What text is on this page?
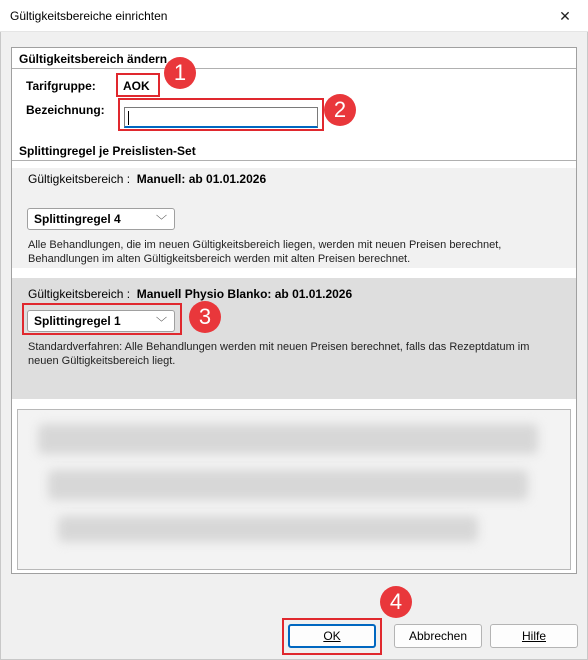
Gültigkeitsbereiche einrichten	✕
Gültigkeitsbereich ändern
Tarifgruppe: AOK
Bezeichnung:
Splittingregel je Preislisten-Set
Gültigkeitsbereich : Manuell: ab 01.01.2026
Splittingregel 4	﹀
Alle Behandlungen, die im neuen Gültigkeitsbereich liegen, werden mit neuen Preisen berechnet, Behandlungen im alten Gültigkeitsbereich werden mit alten Preisen berechnet.
Gültigkeitsbereich : Manuell Physio Blanko: ab 01.01.2026
Splittingregel 1	﹀
Standardverfahren: Alle Behandlungen werden mit neuen Preisen berechnet, falls das Rezeptdatum im neuen Gültigkeitsbereich liegt.
OK	Abbrechen	Hilfe
1
2
3
4
